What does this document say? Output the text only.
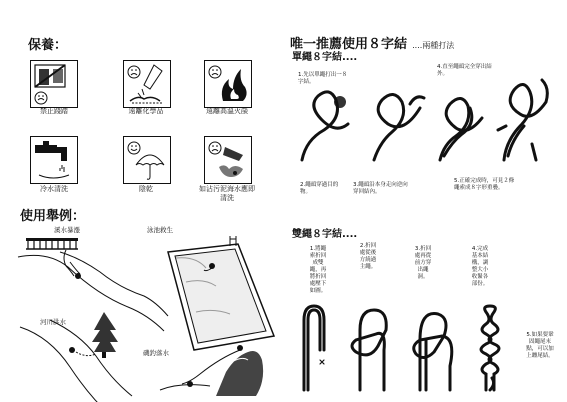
保養：
禁止踐踏	遠離化學品	遠離高溫火燄
冷水清洗	陰乾	如沾污泥海水應即清洗
使用舉例：
溪水暴漲	泳池救生
河川洪水
磯釣落水
唯一推薦使用８字結 ....兩種打法
單繩８字結....
1.先以單繩打出一８字結。
2.繩頭穿過目的物。
3.繩頭沿本身走向逆向穿回結內。
4.直至繩頭完全穿出結外。
5.正確完成時，可見２條繩索成８字形重疊。
雙繩８字結....
1.將繩索折回成雙繩，再將折回處壓下如圖。
2.折回處從後方繞過主繩。
3.折回處再從前方穿出繩洞。
4.完成基本結構，調整大小收緊各部份。
5.如果要鞏固繩尾末點，可以加上纏尾結。
